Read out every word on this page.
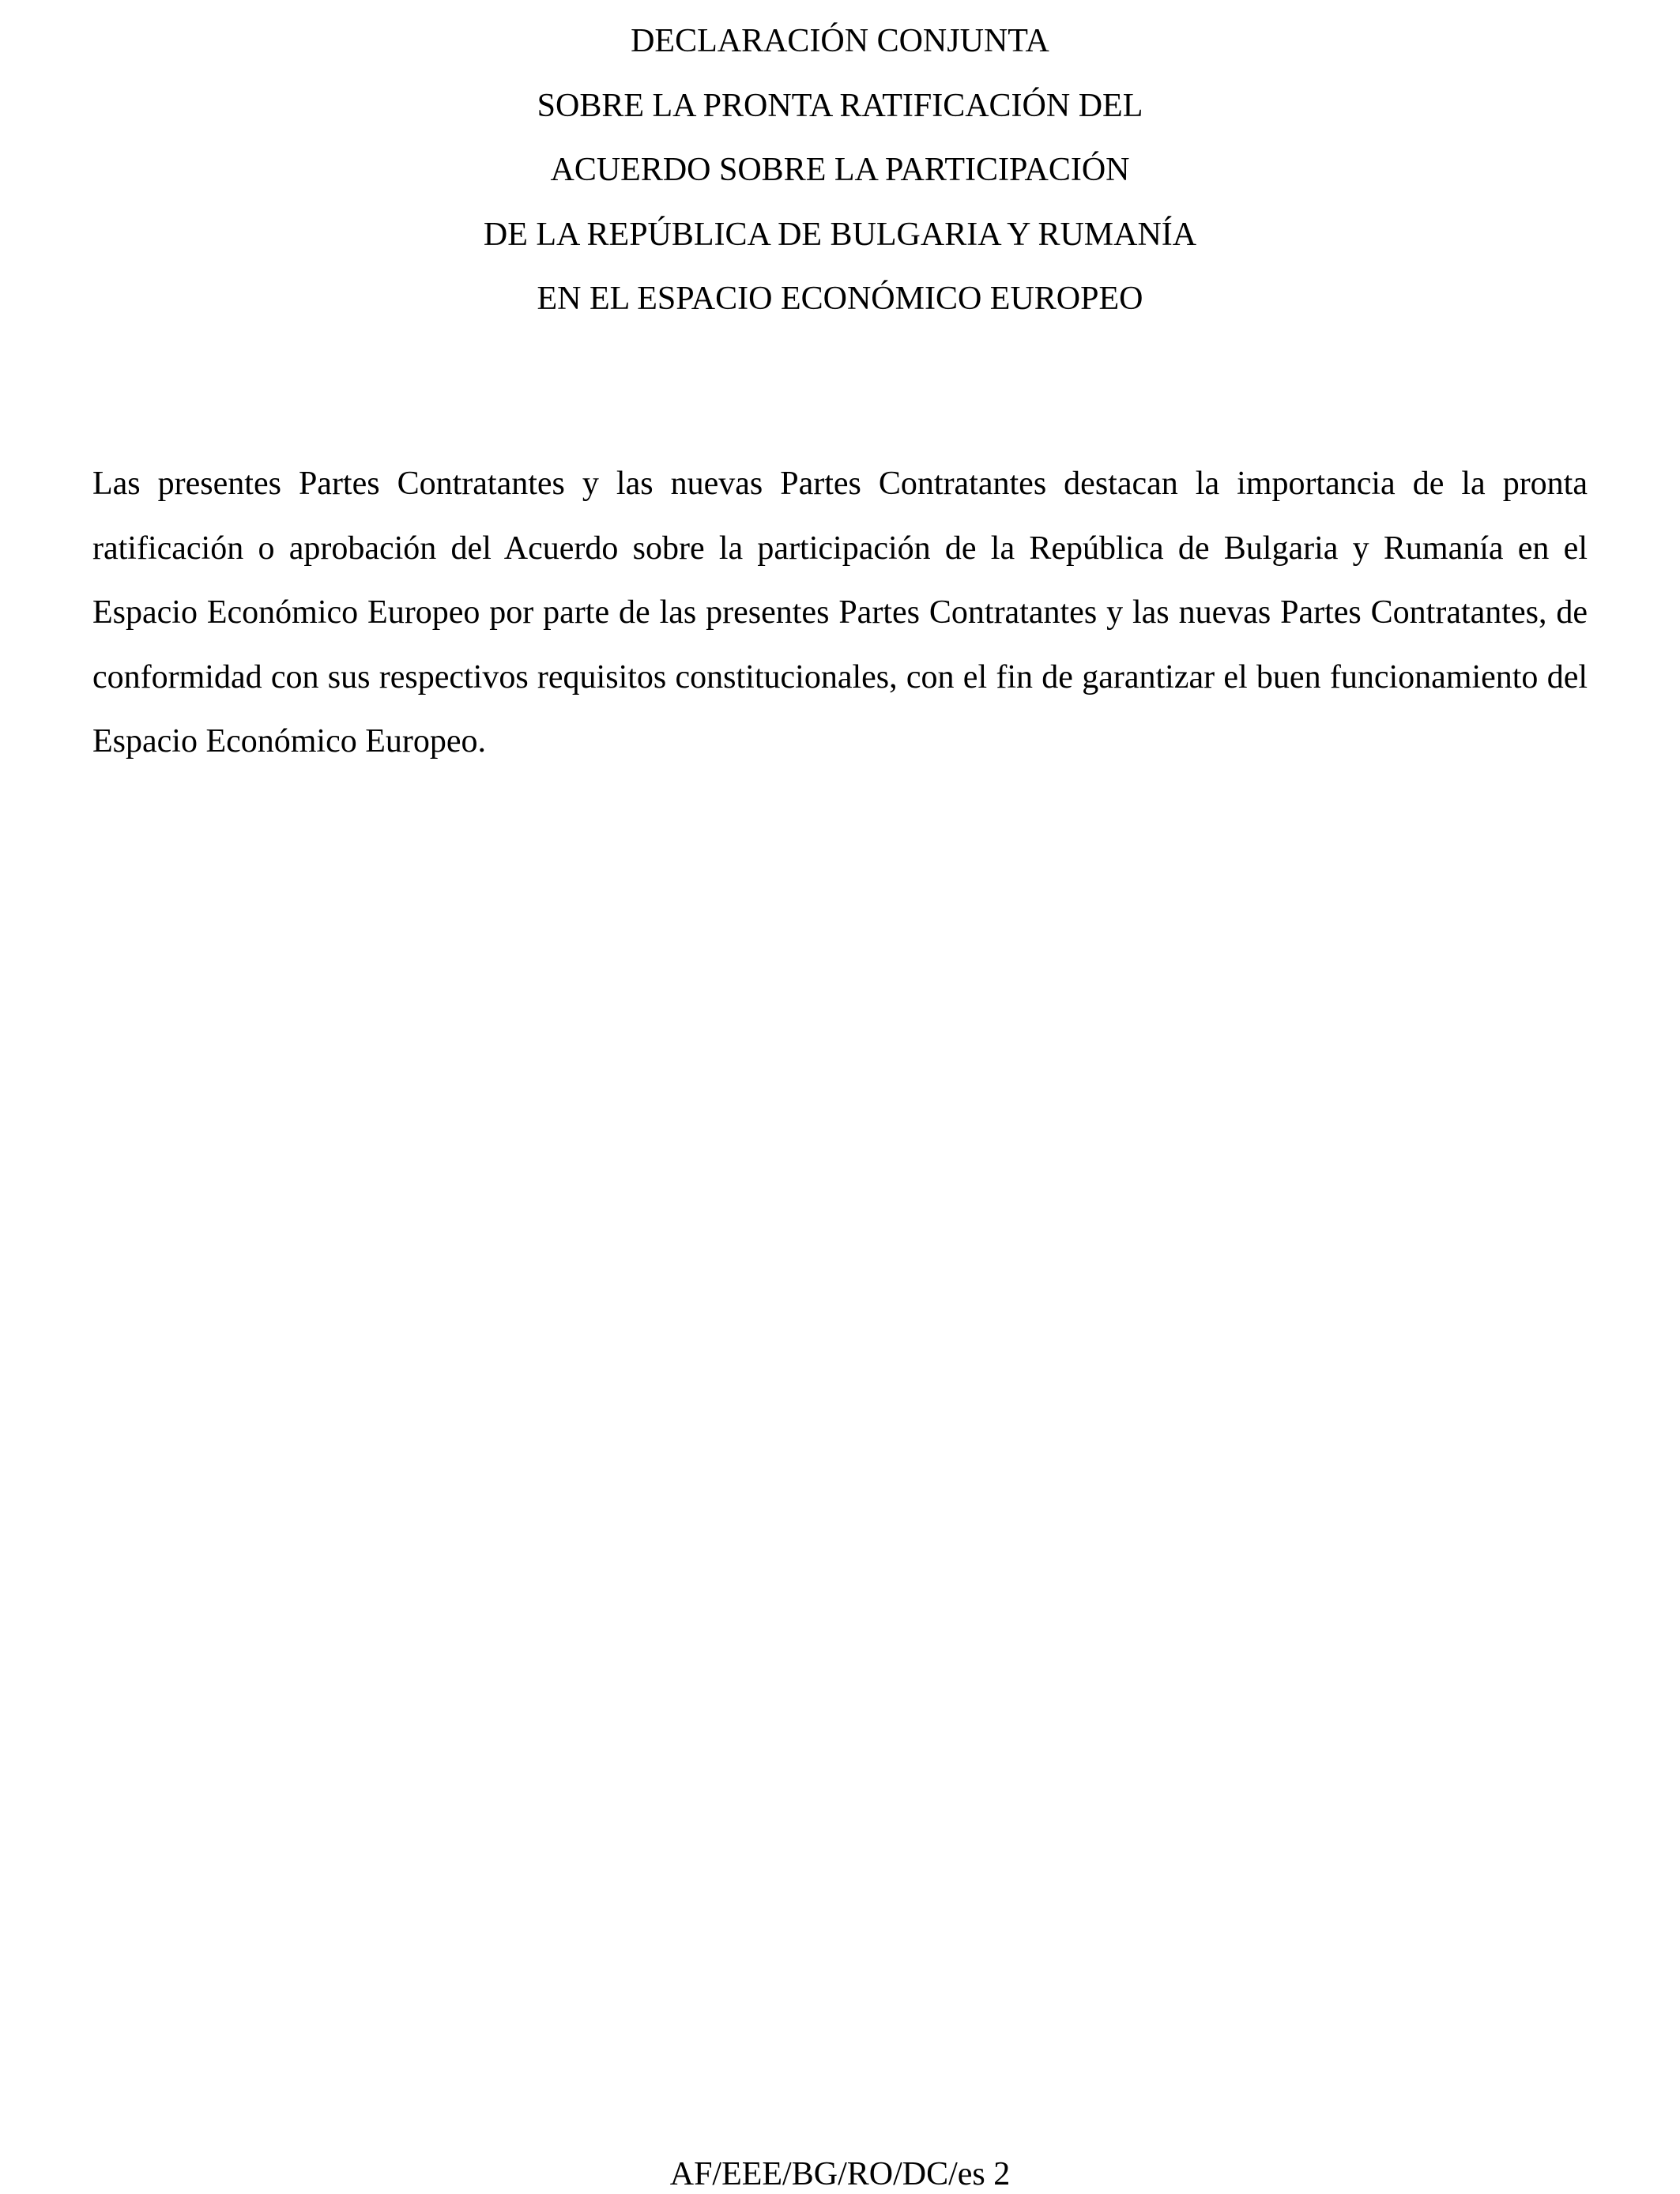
DECLARACIÓN CONJUNTA
SOBRE LA PRONTA RATIFICACIÓN DEL
ACUERDO SOBRE LA PARTICIPACIÓN
DE LA REPÚBLICA DE BULGARIA Y RUMANÍA
EN EL ESPACIO ECONÓMICO EUROPEO

Las presentes Partes Contratantes y las nuevas Partes Contratantes destacan la importancia de la pronta ratificación o aprobación del Acuerdo sobre la participación de la República de Bulgaria y Rumanía en el Espacio Económico Europeo por parte de las presentes Partes Contratantes y las nuevas Partes Contratantes, de conformidad con sus respectivos requisitos constitucionales, con el fin de garantizar el buen funcionamiento del Espacio Económico Europeo.

AF/EEE/BG/RO/DC/es 2
